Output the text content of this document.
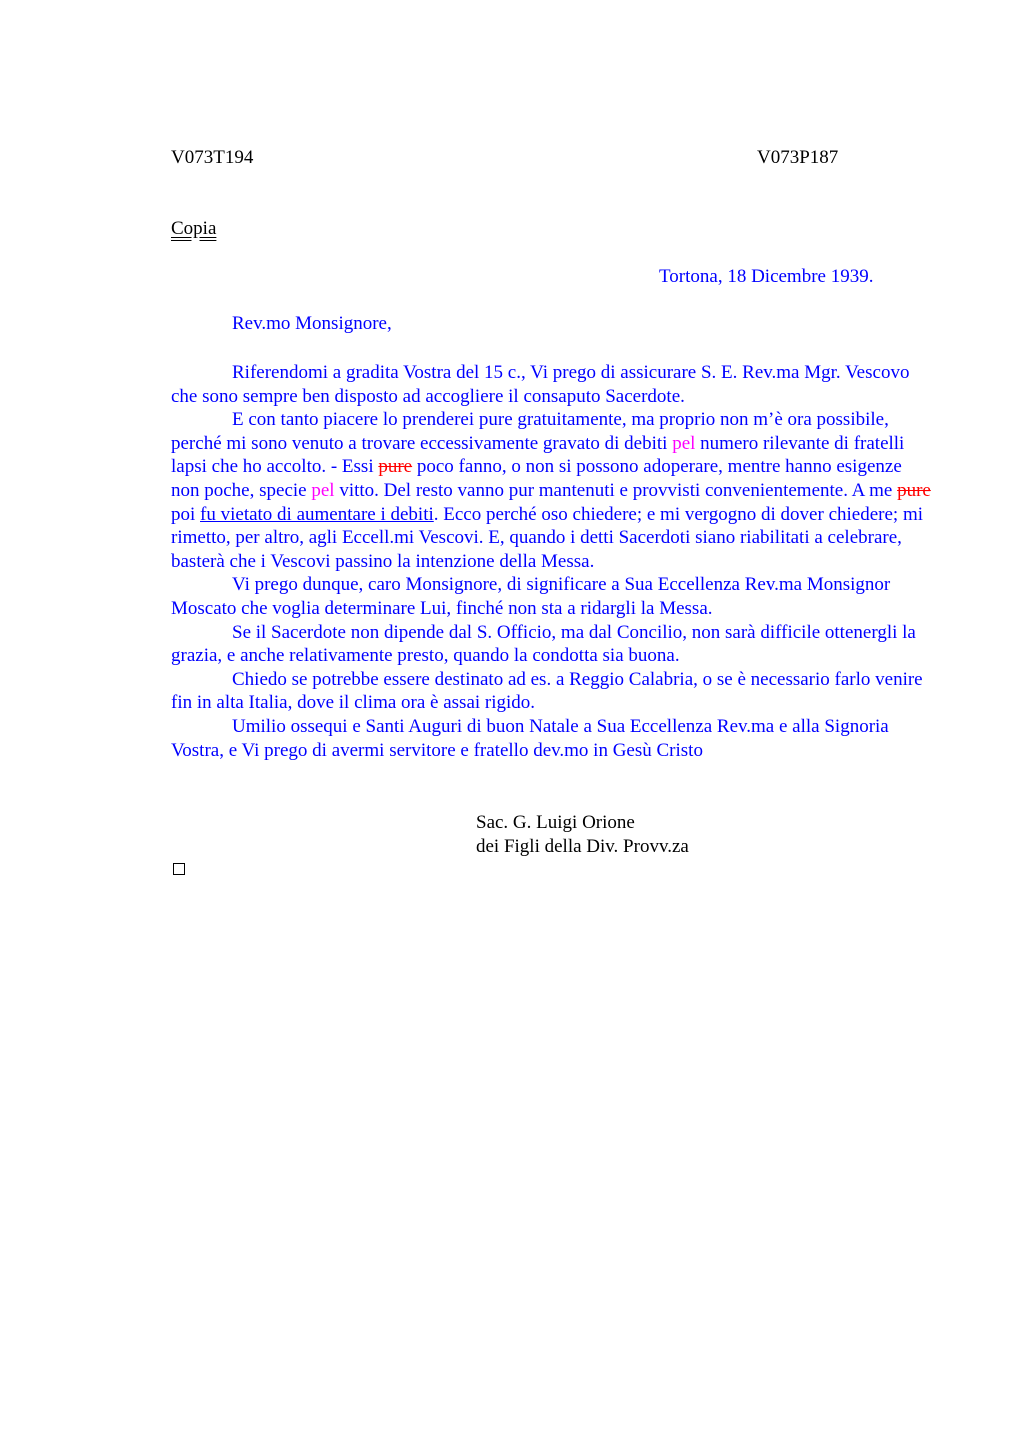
V073T194	V073P187
Copia
Tortona, 18 Dicembre 1939.
Rev.mo Monsignore,

Riferendomi a gradita Vostra del 15 c., Vi prego di assicurare S. E. Rev.ma Mgr. Vescovo che sono sempre ben disposto ad accogliere il consaputo Sacerdote.

E con tanto piacere lo prenderei pure gratuitamente, ma proprio non m’è ora possibile, perché mi sono venuto a trovare eccessivamente gravato di debiti pel numero rilevante di fratelli lapsi che ho accolto. - Essi pure poco fanno, o non si possono adoperare, mentre hanno esigenze non poche, specie pel vitto. Del resto vanno pur mantenuti e provvisti convenientemente. A me pure poi fu vietato di aumentare i debiti. Ecco perché oso chiedere; e mi vergogno di dover chiedere; mi rimetto, per altro, agli Eccell.mi Vescovi. E, quando i detti Sacerdoti siano riabilitati a celebrare, basterà che i Vescovi passino la intenzione della Messa.

Vi prego dunque, caro Monsignore, di significare a Sua Eccellenza Rev.ma Monsignor Moscato che voglia determinare Lui, finché non sta a ridargli la Messa.

Se il Sacerdote non dipende dal S. Officio, ma dal Concilio, non sarà difficile ottenergli la grazia, e anche relativamente presto, quando la condotta sia buona.

Chiedo se potrebbe essere destinato ad es. a Reggio Calabria, o se è necessario farlo venire fin in alta Italia, dove il clima ora è assai rigido.

Umilio ossequi e Santi Auguri di buon Natale a Sua Eccellenza Rev.ma e alla Signoria Vostra, e Vi prego di avermi servitore e fratello dev.mo in Gesù Cristo

Sac. G. Luigi Orione
dei Figli della Div. Provv.za
